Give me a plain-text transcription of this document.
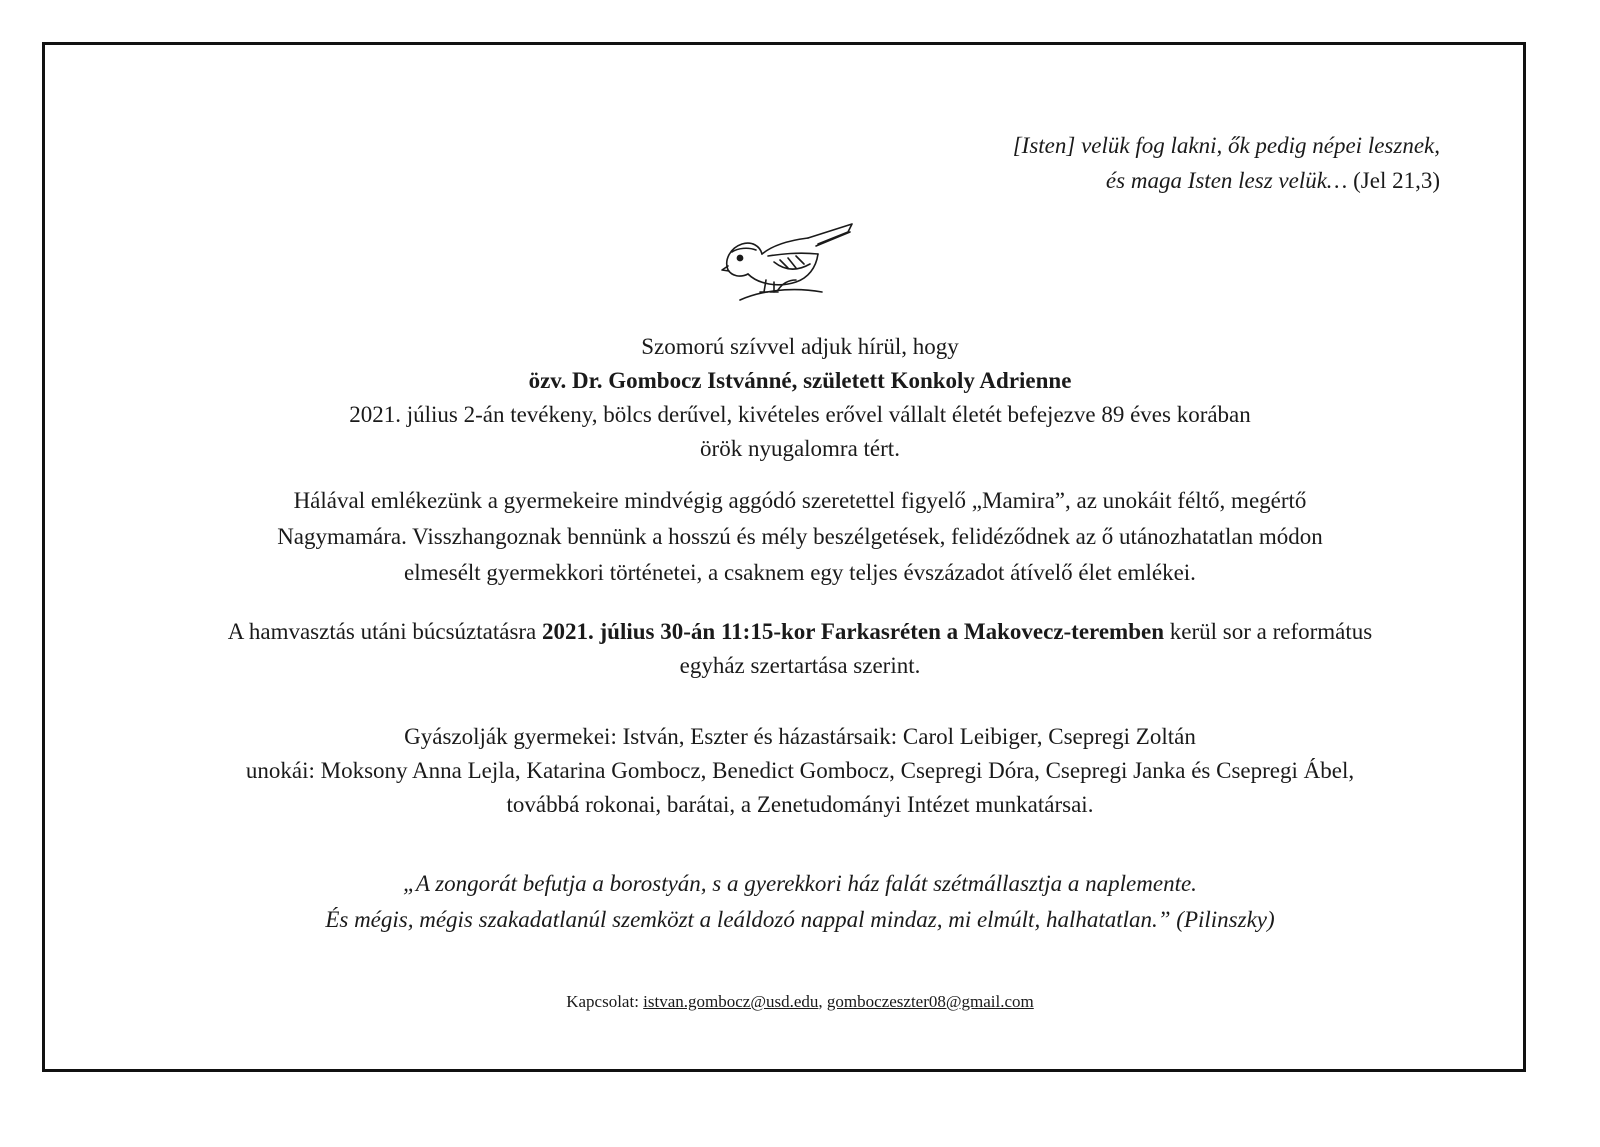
[Isten] velük fog lakni, ők pedig népei lesznek,
és maga Isten lesz velük… (Jel 21,3)
Szomorú szívvel adjuk hírül, hogy
özv. Dr. Gombocz Istvánné, született Konkoly Adrienne
2021. július 2-án tevékeny, bölcs derűvel, kivételes erővel vállalt életét befejezve 89 éves korában
örök nyugalomra tért.
Hálával emlékezünk a gyermekeire mindvégig aggódó szeretettel figyelő „Mamira”, az unokáit féltő, megértő
Nagymamára. Visszhangoznak bennünk a hosszú és mély beszélgetések, felidéződnek az ő utánozhatatlan módon
elmesélt gyermekkori történetei, a csaknem egy teljes évszázadot átívelő élet emlékei.
A hamvasztás utáni búcsúztatásra 2021. július 30-án 11:15-kor Farkasréten a Makovecz-teremben kerül sor a református
egyház szertartása szerint.
Gyászolják gyermekei: István, Eszter és házastársaik: Carol Leibiger, Csepregi Zoltán
unokái: Moksony Anna Lejla, Katarina Gombocz, Benedict Gombocz, Csepregi Dóra, Csepregi Janka és Csepregi Ábel,
továbbá rokonai, barátai, a Zenetudományi Intézet munkatársai.
„A zongorát befutja a borostyán, s a gyerekkori ház falát szétmállasztja a naplemente.
És mégis, mégis szakadatlanúl szemközt a leáldozó nappal mindaz, mi elmúlt, halhatatlan.” (Pilinszky)
Kapcsolat: istvan.gombocz@usd.edu, gomboczeszter08@gmail.com
